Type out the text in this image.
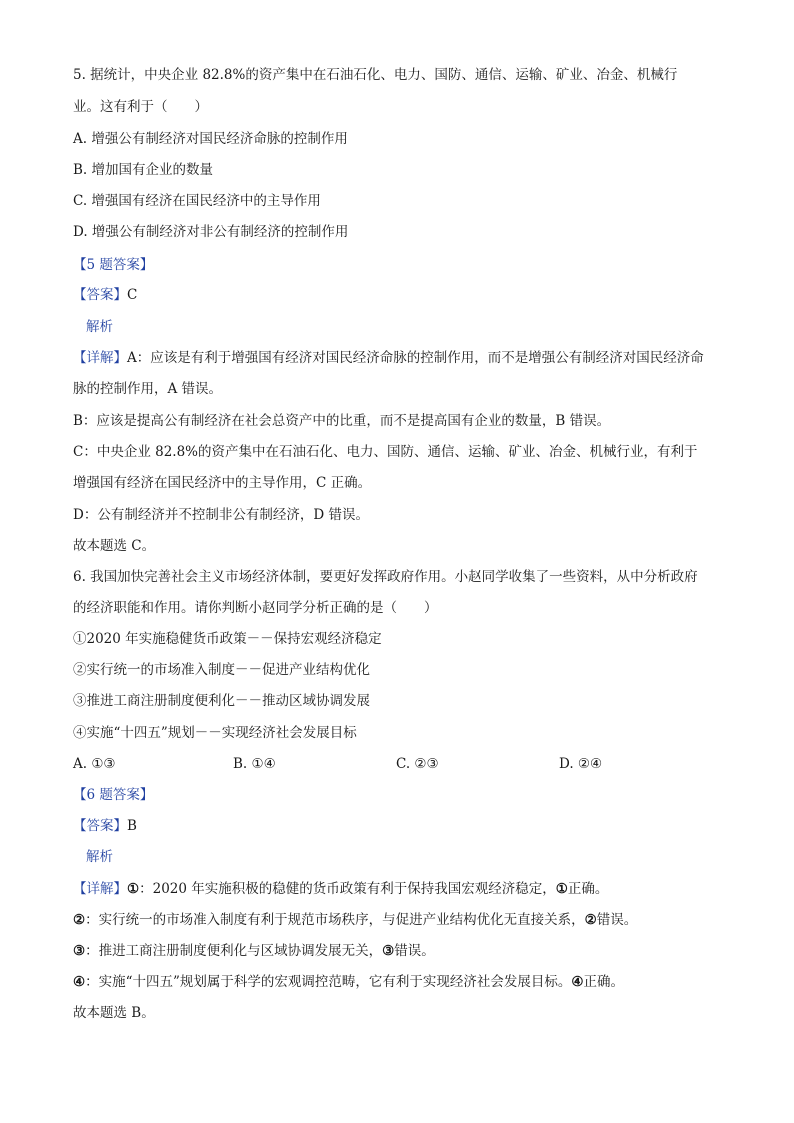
5. 据统计，中央企业 82.8%的资产集中在石油石化、电力、国防、通信、运输、矿业、冶金、机械行
业。这有利于（　　）
A. 增强公有制经济对国民经济命脉的控制作用
B. 增加国有企业的数量
C. 增强国有经济在国民经济中的主导作用
D. 增强公有制经济对非公有制经济的控制作用
【5 题答案】
【答案】C
解析
【详解】A：应该是有利于增强国有经济对国民经济命脉的控制作用，而不是增强公有制经济对国民经济命
脉的控制作用，A 错误。
B：应该是提高公有制经济在社会总资产中的比重，而不是提高国有企业的数量，B 错误。
C：中央企业 82.8%的资产集中在石油石化、电力、国防、通信、运输、矿业、冶金、机械行业，有利于
增强国有经济在国民经济中的主导作用，C 正确。
D：公有制经济并不控制非公有制经济，D 错误。
故本题选 C。
6. 我国加快完善社会主义市场经济体制，要更好发挥政府作用。小赵同学收集了一些资料，从中分析政府
的经济职能和作用。请你判断小赵同学分析正确的是（　　）
①2020 年实施稳健货币政策－－保持宏观经济稳定
②实行统一的市场准入制度－－促进产业结构优化
③推进工商注册制度便利化－－推动区域协调发展
④实施“十四五”规划－－实现经济社会发展目标
A. ①③	B. ①④	C. ②③	D. ②④
【6 题答案】
【答案】B
解析
【详解】①：2020 年实施积极的稳健的货币政策有利于保持我国宏观经济稳定，①正确。
②：实行统一的市场准入制度有利于规范市场秩序，与促进产业结构优化无直接关系，②错误。
③：推进工商注册制度便利化与区域协调发展无关，③错误。
④：实施“十四五”规划属于科学的宏观调控范畴，它有利于实现经济社会发展目标。④正确。
故本题选 B。
